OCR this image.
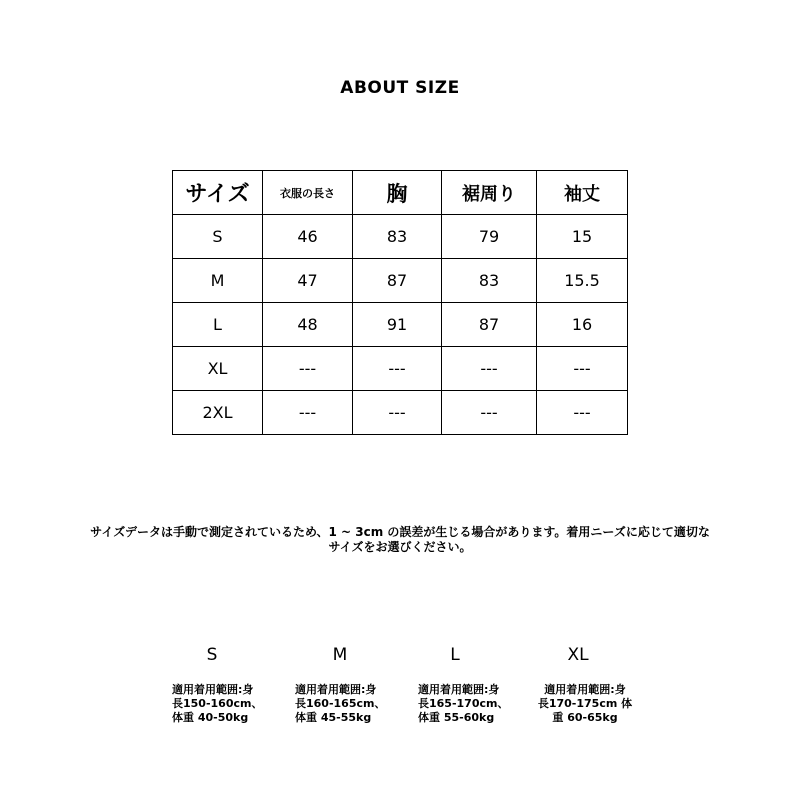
ABOUT SIZE
サイズ	衣服の長さ	胸	裾周り	袖丈
S	46	83	79	15
M	47	87	83	15.5
L	48	91	87	16
XL	---	---	---	---
2XL	---	---	---	---
サイズデータは手動で測定されているため、1 ~ 3cm の誤差が生じる場合があります。着用ニーズに応じて適切な
サイズをお選びください。
S
適用着用範囲:身
長150-160cm、
体重 40-50kg
M
適用着用範囲:身
長160-165cm、
体重 45-55kg
L
適用着用範囲:身
長165-170cm、
体重 55-60kg
XL
適用着用範囲:身
長170-175cm 体
重 60-65kg
